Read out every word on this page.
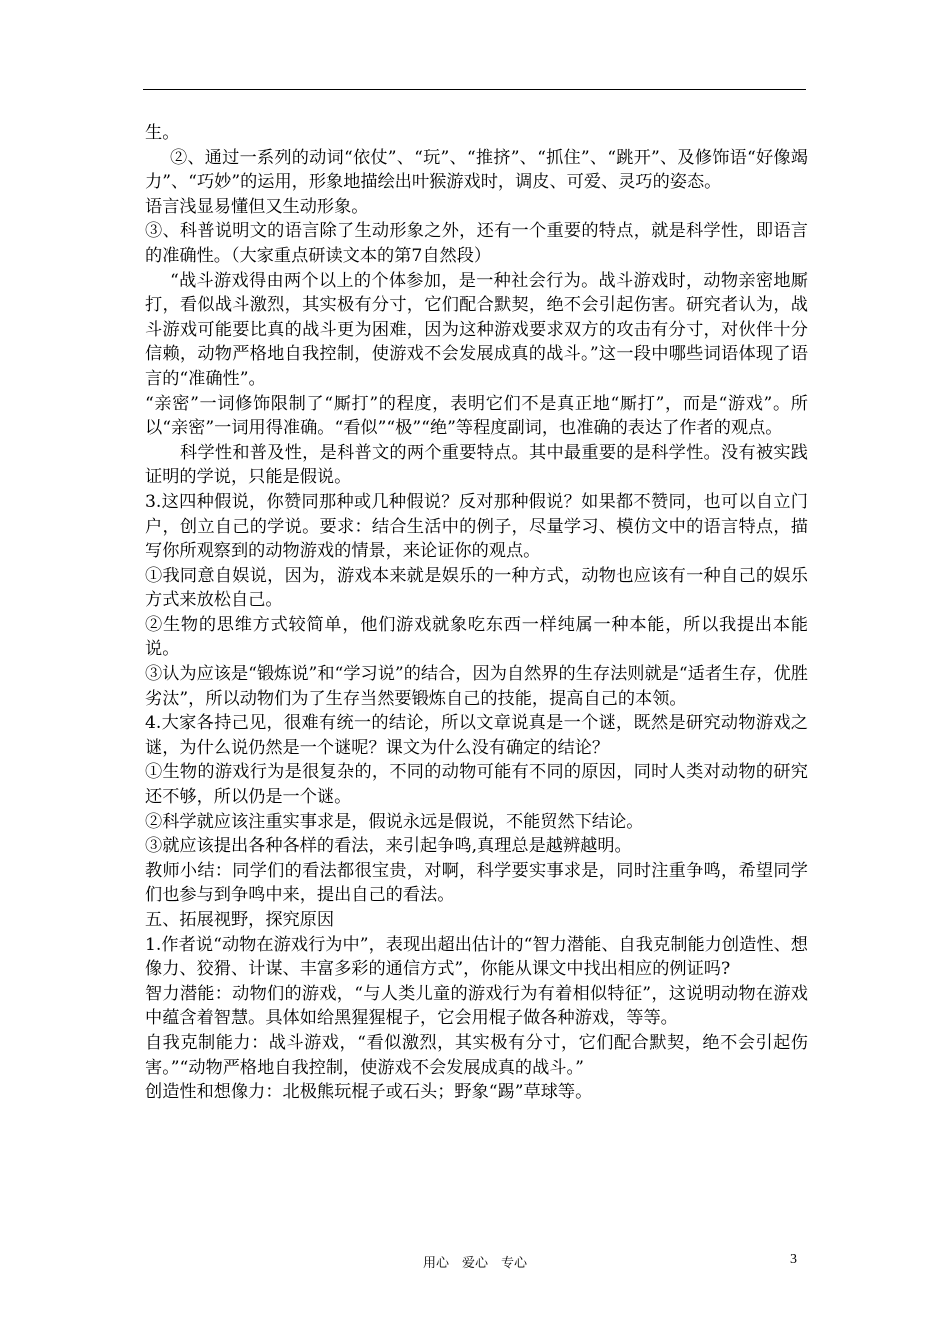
生。

②、通过一系列的动词“依仗”、“玩”、“推挤”、“抓住”、“跳开”、及修饰语“好像竭力”、“巧妙”的运用，形象地描绘出叶猴游戏时，调皮、可爱、灵巧的姿态。

语言浅显易懂但又生动形象。

③、科普说明文的语言除了生动形象之外，还有一个重要的特点，就是科学性，即语言的准确性。（大家重点研读文本的第7自然段）

“战斗游戏得由两个以上的个体参加，是一种社会行为。战斗游戏时，动物亲密地厮打，看似战斗激烈，其实极有分寸，它们配合默契，绝不会引起伤害。研究者认为，战斗游戏可能要比真的战斗更为困难，因为这种游戏要求双方的攻击有分寸，对伙伴十分信赖，动物严格地自我控制，使游戏不会发展成真的战斗。”这一段中哪些词语体现了语言的“准确性”。

“亲密”一词修饰限制了“厮打”的程度，表明它们不是真正地“厮打”，而是“游戏”。所以“亲密”一词用得准确。“看似”“极”“绝”等程度副词，也准确的表达了作者的观点。

科学性和普及性，是科普文的两个重要特点。其中最重要的是科学性。没有被实践证明的学说，只能是假说。

3.这四种假说，你赞同那种或几种假说？反对那种假说？如果都不赞同，也可以自立门户，创立自己的学说。要求：结合生活中的例子，尽量学习、模仿文中的语言特点，描写你所观察到的动物游戏的情景，来论证你的观点。

①我同意自娱说，因为，游戏本来就是娱乐的一种方式，动物也应该有一种自己的娱乐方式来放松自己。

②生物的思维方式较简单，他们游戏就象吃东西一样纯属一种本能，所以我提出本能说。

③认为应该是“锻炼说”和“学习说”的结合，因为自然界的生存法则就是“适者生存，优胜劣汰”，所以动物们为了生存当然要锻炼自己的技能，提高自己的本领。

4.大家各持己见，很难有统一的结论，所以文章说真是一个谜，既然是研究动物游戏之谜，为什么说仍然是一个谜呢？课文为什么没有确定的结论？

①生物的游戏行为是很复杂的，不同的动物可能有不同的原因，同时人类对动物的研究还不够，所以仍是一个谜。

②科学就应该注重实事求是，假说永远是假说，不能贸然下结论。

③就应该提出各种各样的看法，来引起争鸣,真理总是越辨越明。

教师小结：同学们的看法都很宝贵，对啊，科学要实事求是，同时注重争鸣，希望同学们也参与到争鸣中来，提出自己的看法。

五、拓展视野，探究原因

1.作者说“动物在游戏行为中”，表现出超出估计的“智力潜能、自我克制能力创造性、想像力、狡猾、计谋、丰富多彩的通信方式”，你能从课文中找出相应的例证吗?

智力潜能：动物们的游戏，“与人类儿童的游戏行为有着相似特征”，这说明动物在游戏中蕴含着智慧。具体如给黑猩猩棍子，它会用棍子做各种游戏，等等。

自我克制能力：战斗游戏，“看似激烈，其实极有分寸，它们配合默契，绝不会引起伤害。”“动物严格地自我控制，使游戏不会发展成真的战斗。”

创造性和想像力：北极熊玩棍子或石头；野象“踢”草球等。

用心　爱心　专心	3
